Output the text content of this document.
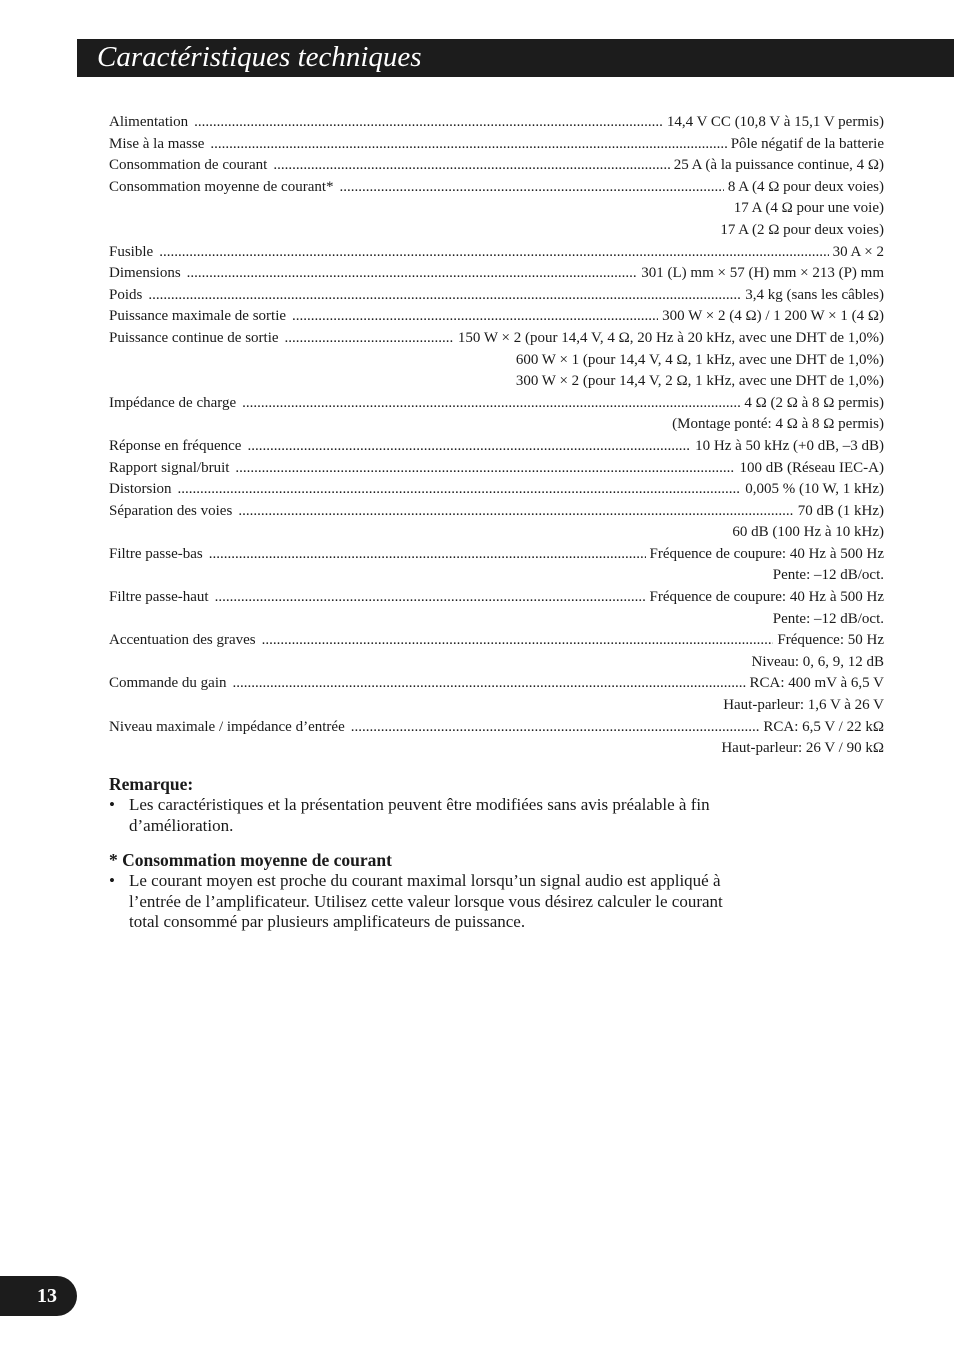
Caractéristiques techniques
Alimentation .....	14,4 V CC (10,8 V à 15,1 V permis)
Mise à la masse .....	Pôle négatif de la batterie
Consommation de courant .....	25 A (à la puissance continue, 4 Ω)
Consommation moyenne de courant* .....	8 A (4 Ω pour deux voies)
17 A (4 Ω pour une voie)
17 A (2 Ω pour deux voies)
Fusible .....	30 A × 2
Dimensions .....	301 (L) mm × 57 (H) mm × 213 (P) mm
Poids .....	3,4 kg (sans les câbles)
Puissance maximale de sortie .....	300 W × 2 (4 Ω) / 1 200 W × 1 (4 Ω)
Puissance continue de sortie .....	150 W × 2 (pour 14,4 V, 4 Ω, 20 Hz à 20 kHz, avec une DHT de 1,0%)
600 W × 1 (pour 14,4 V, 4 Ω, 1 kHz, avec une DHT de 1,0%)
300 W × 2 (pour 14,4 V, 2 Ω, 1 kHz, avec une DHT de 1,0%)
Impédance de charge .....	4 Ω (2 Ω à 8 Ω permis)
(Montage ponté: 4 Ω à 8 Ω permis)
Réponse en fréquence .....	10 Hz à 50 kHz (+0 dB, –3 dB)
Rapport signal/bruit .....	100 dB (Réseau IEC-A)
Distorsion .....	0,005 % (10 W, 1 kHz)
Séparation des voies .....	70 dB (1 kHz)
60 dB (100 Hz à 10 kHz)
Filtre passe-bas .....	Fréquence de coupure: 40 Hz à 500 Hz
Pente: –12 dB/oct.
Filtre passe-haut .....	Fréquence de coupure: 40 Hz à 500 Hz
Pente: –12 dB/oct.
Accentuation des graves .....	Fréquence: 50 Hz
Niveau: 0, 6, 9, 12 dB
Commande du gain .....	RCA: 400 mV à 6,5 V
Haut-parleur: 1,6 V à 26 V
Niveau maximale / impédance d’entrée .....	RCA: 6,5 V / 22 kΩ
Haut-parleur: 26 V / 90 kΩ
Remarque:

• Les caractéristiques et la présentation peuvent être modifiées sans avis préalable à fin d’amélioration.

* Consommation moyenne de courant

• Le courant moyen est proche du courant maximal lorsqu’un signal audio est appliqué à l’entrée de l’amplificateur. Utilisez cette valeur lorsque vous désirez calculer le courant total consommé par plusieurs amplificateurs de puissance.

13
